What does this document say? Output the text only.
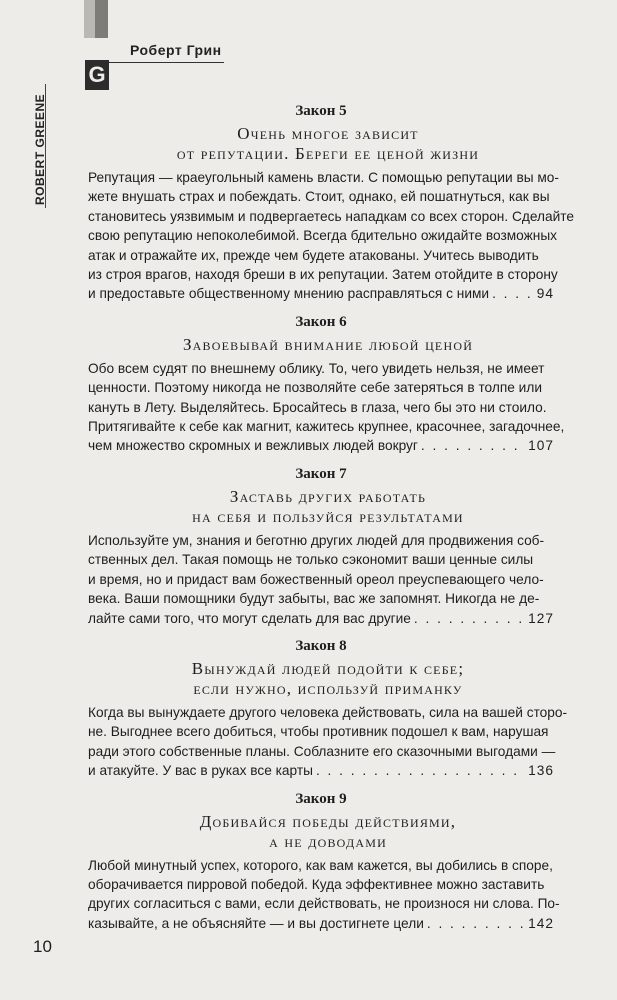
Роберт Грин
G
ROBERT GREENE	Закон 5
Очень многое зависит
от репутации. Береги ее ценой жизни
Репутация — краеугольный камень власти. С помощью репутации вы мо-
жете внушать страх и побеждать. Стоит, однако, ей пошатнуться, как вы
становитесь уязвимым и подвергаетесь нападкам со всех сторон. Сделайте
свою репутацию непоколебимой. Всегда бдительно ожидайте возможных
атак и отражайте их, прежде чем будете атакованы. Учитесь выводить
из строя врагов, находя бреши в их репутации. Затем отойдите в сторону
и предоставьте общественному мнению расправляться с ними . . .	94
Закон 6
Завоевывай внимание любой ценой
Обо всем судят по внешнему облику. То, чего увидеть нельзя, не имеет
ценности. Поэтому никогда не позволяйте себе затеряться в толпе или
кануть в Лету. Выделяйтесь. Бросайтесь в глаза, чего бы это ни стоило.
Притягивайте к себе как магнит, кажитесь крупнее, красочнее, загадочнее,
чем множество скромных и вежливых людей вокруг . . .	107
Закон 7
Заставь других работать
на себя и пользуйся результатами
Используйте ум, знания и беготню других людей для продвижения соб-
ственных дел. Такая помощь не только сэкономит ваши ценные силы
и время, но и придаст вам божественный ореол преуспевающего чело-
века. Ваши помощники будут забыты, вас же запомнят. Никогда не де-
лайте сами того, что могут сделать для вас другие . . .	127
Закон 8
Вынуждай людей подойти к себе;
если нужно, используй приманку
Когда вы вынуждаете другого человека действовать, сила на вашей сторо-
не. Выгоднее всего добиться, чтобы противник подошел к вам, нарушая
ради этого собственные планы. Соблазните его сказочными выгодами —
и атакуйте. У вас в руках все карты . . .	136
Закон 9
Добивайся победы действиями,
а не доводами
Любой минутный успех, которого, как вам кажется, вы добились в споре,
оборачивается пирровой победой. Куда эффективнее можно заставить
других согласиться с вами, если действовать, не произнося ни слова. По-
казывайте, а не объясняйте — и вы достигнете цели . . .	142
10
